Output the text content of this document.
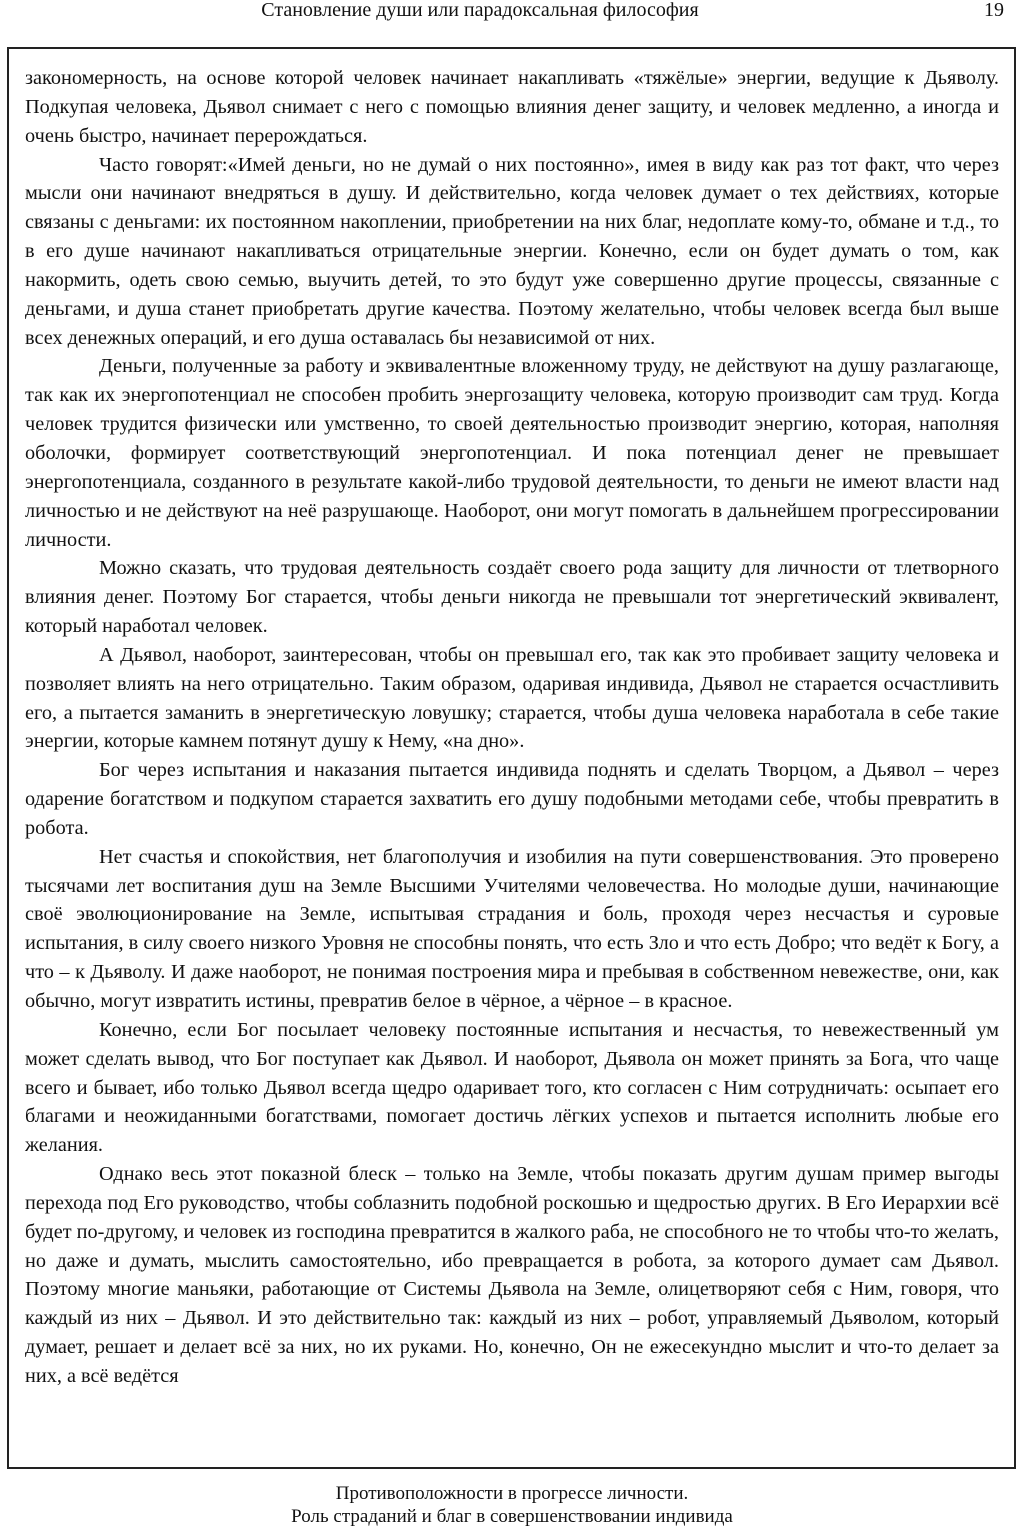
Становление души или парадоксальная философия	19

закономерность, на основе которой человек начинает накапливать «тяжёлые» энергии, ведущие к Дьяволу. Подкупая человека, Дьявол снимает с него с помощью влияния денег защиту, и человек медленно, а иногда и очень быстро, начинает перерождаться.

Часто говорят:«Имей деньги, но не думай о них постоянно», имея в виду как раз тот факт, что через мысли они начинают внедряться в душу. И действительно, когда человек думает о тех действиях, которые связаны с деньгами: их постоянном накоплении, приобретении на них благ, недоплате кому-то, обмане и т.д., то в его душе начинают накапливаться отрицательные энергии. Конечно, если он будет думать о том, как накормить, одеть свою семью, выучить детей, то это будут уже совершенно другие процессы, связанные с деньгами, и душа станет приобретать другие качества. Поэтому желательно, чтобы человек всегда был выше всех денежных операций, и его душа оставалась бы независимой от них.

Деньги, полученные за работу и эквивалентные вложенному труду, не действуют на душу разлагающе, так как их энергопотенциал не способен пробить энергозащиту человека, которую производит сам труд. Когда человек трудится физически или умственно, то своей деятельностью производит энергию, которая, наполняя оболочки, формирует соответствующий энергопотенциал. И пока потенциал денег не превышает энергопотенциала, созданного в результате какой-либо трудовой деятельности, то деньги не имеют власти над личностью и не действуют на неё разрушающе. Наоборот, они могут помогать в дальнейшем прогрессировании личности.

Можно сказать, что трудовая деятельность создаёт своего рода защиту для личности от тлетворного влияния денег. Поэтому Бог старается, чтобы деньги никогда не превышали тот энергетический эквивалент, который наработал человек.

А Дьявол, наоборот, заинтересован, чтобы он превышал его, так как это пробивает защиту человека и позволяет влиять на него отрицательно. Таким образом, одаривая индивида, Дьявол не старается осчастливить его, а пытается заманить в энергетическую ловушку; старается, чтобы душа человека наработала в себе такие энергии, которые камнем потянут душу к Нему, «на дно».

Бог через испытания и наказания пытается индивида поднять и сделать Творцом, а Дьявол – через одарение богатством и подкупом старается захватить его душу подобными методами себе, чтобы превратить в робота.

Нет счастья и спокойствия, нет благополучия и изобилия на пути совершенствования. Это проверено тысячами лет воспитания душ на Земле Высшими Учителями человечества. Но молодые души, начинающие своё эволюционирование на Земле, испытывая страдания и боль, проходя через несчастья и суровые испытания, в силу своего низкого Уровня не способны понять, что есть Зло и что есть Добро; что ведёт к Богу, а что – к Дьяволу. И даже наоборот, не понимая построения мира и пребывая в собственном невежестве, они, как обычно, могут извратить истины, превратив белое в чёрное, а чёрное – в красное.

Конечно, если Бог посылает человеку постоянные испытания и несчастья, то невежественный ум может сделать вывод, что Бог поступает как Дьявол. И наоборот, Дьявола он может принять за Бога, что чаще всего и бывает, ибо только Дьявол всегда щедро одаривает того, кто согласен с Ним сотрудничать: осыпает его благами и неожиданными богатствами, помогает достичь лёгких успехов и пытается исполнить любые его желания.

Однако весь этот показной блеск – только на Земле, чтобы показать другим душам пример выгоды перехода под Его руководство, чтобы соблазнить подобной роскошью и щедростью других. В Его Иерархии всё будет по-другому, и человек из господина превратится в жалкого раба, не способного не то чтобы что-то желать, но даже и думать, мыслить самостоятельно, ибо превращается в робота, за которого думает сам Дьявол. Поэтому многие маньяки, работающие от Системы Дьявола на Земле, олицетворяют себя с Ним, говоря, что каждый из них – Дьявол. И это действительно так: каждый из них – робот, управляемый Дьяволом, который думает, решает и делает всё за них, но их руками. Но, конечно, Он не ежесекундно мыслит и что-то делает за них, а всё ведётся

Противоположности в прогрессе личности.
Роль страданий и благ в совершенствовании индивида
